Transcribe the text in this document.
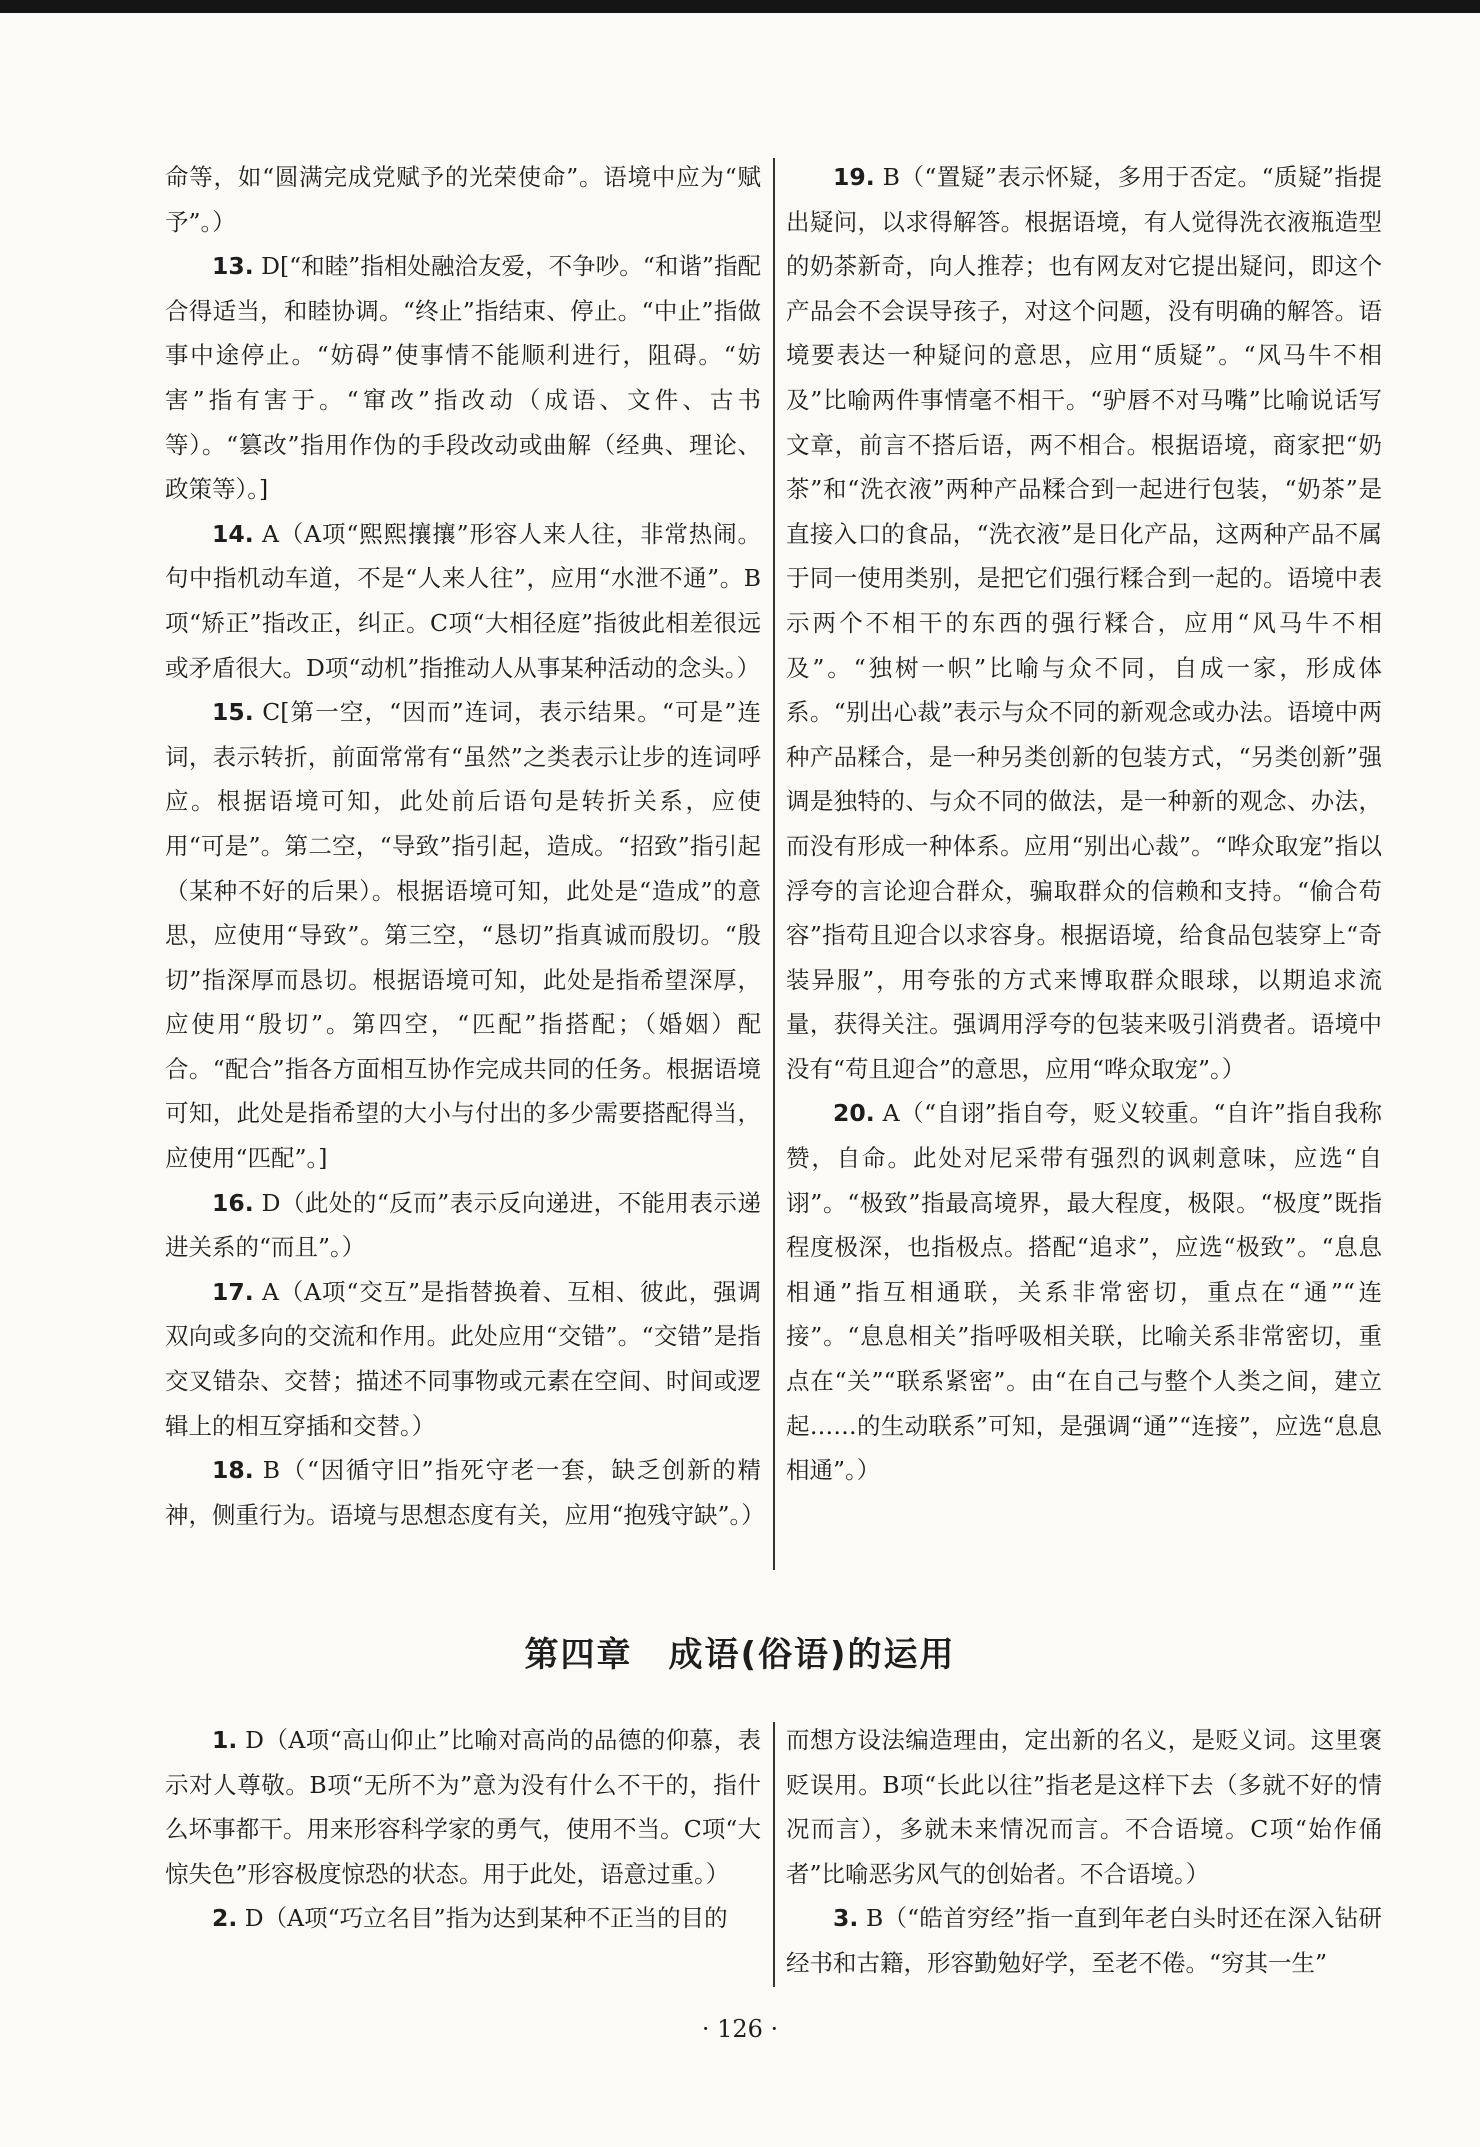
命等，如“圆满完成党赋予的光荣使命”。语境中应为“赋予”。）

13. D[“和睦”指相处融洽友爱，不争吵。“和谐”指配合得适当，和睦协调。“终止”指结束、停止。“中止”指做事中途停止。“妨碍”使事情不能顺利进行，阻碍。“妨害”指有害于。“窜改”指改动（成语、文件、古书等）。“篡改”指用作伪的手段改动或曲解（经典、理论、政策等）。]

14. A（A项“熙熙攘攘”形容人来人往，非常热闹。句中指机动车道，不是“人来人往”，应用“水泄不通”。B项“矫正”指改正，纠正。C项“大相径庭”指彼此相差很远或矛盾很大。D项“动机”指推动人从事某种活动的念头。）

15. C[第一空，“因而”连词，表示结果。“可是”连词，表示转折，前面常常有“虽然”之类表示让步的连词呼应。根据语境可知，此处前后语句是转折关系，应使用“可是”。第二空，“导致”指引起，造成。“招致”指引起（某种不好的后果）。根据语境可知，此处是“造成”的意思，应使用“导致”。第三空，“恳切”指真诚而殷切。“殷切”指深厚而恳切。根据语境可知，此处是指希望深厚，应使用“殷切”。第四空，“匹配”指搭配；（婚姻）配合。“配合”指各方面相互协作完成共同的任务。根据语境可知，此处是指希望的大小与付出的多少需要搭配得当，应使用“匹配”。]

16. D（此处的“反而”表示反向递进，不能用表示递进关系的“而且”。）

17. A（A项“交互”是指替换着、互相、彼此，强调双向或多向的交流和作用。此处应用“交错”。“交错”是指交叉错杂、交替；描述不同事物或元素在空间、时间或逻辑上的相互穿插和交替。）

18. B（“因循守旧”指死守老一套，缺乏创新的精神，侧重行为。语境与思想态度有关，应用“抱残守缺”。）

19. B（“置疑”表示怀疑，多用于否定。“质疑”指提出疑问，以求得解答。根据语境，有人觉得洗衣液瓶造型的奶茶新奇，向人推荐；也有网友对它提出疑问，即这个产品会不会误导孩子，对这个问题，没有明确的解答。语境要表达一种疑问的意思，应用“质疑”。“风马牛不相及”比喻两件事情毫不相干。“驴唇不对马嘴”比喻说话写文章，前言不搭后语，两不相合。根据语境，商家把“奶茶”和“洗衣液”两种产品糅合到一起进行包装，“奶茶”是直接入口的食品，“洗衣液”是日化产品，这两种产品不属于同一使用类别，是把它们强行糅合到一起的。语境中表示两个不相干的东西的强行糅合，应用“风马牛不相及”。“独树一帜”比喻与众不同，自成一家，形成体系。“别出心裁”表示与众不同的新观念或办法。语境中两种产品糅合，是一种另类创新的包装方式，“另类创新”强调是独特的、与众不同的做法，是一种新的观念、办法，而没有形成一种体系。应用“别出心裁”。“哗众取宠”指以浮夸的言论迎合群众，骗取群众的信赖和支持。“偷合苟容”指苟且迎合以求容身。根据语境，给食品包装穿上“奇装异服”，用夸张的方式来博取群众眼球，以期追求流量，获得关注。强调用浮夸的包装来吸引消费者。语境中没有“苟且迎合”的意思，应用“哗众取宠”。）

20. A（“自诩”指自夸，贬义较重。“自许”指自我称赞，自命。此处对尼采带有强烈的讽刺意味，应选“自诩”。“极致”指最高境界，最大程度，极限。“极度”既指程度极深，也指极点。搭配“追求”，应选“极致”。“息息相通”指互相通联，关系非常密切，重点在“通”“连接”。“息息相关”指呼吸相关联，比喻关系非常密切，重点在“关”“联系紧密”。由“在自己与整个人类之间，建立起……的生动联系”可知，是强调“通”“连接”，应选“息息相通”。）

第四章　成语(俗语)的运用

1. D（A项“高山仰止”比喻对高尚的品德的仰慕，表示对人尊敬。B项“无所不为”意为没有什么不干的，指什么坏事都干。用来形容科学家的勇气，使用不当。C项“大惊失色”形容极度惊恐的状态。用于此处，语意过重。）

2. D（A项“巧立名目”指为达到某种不正当的目的

而想方设法编造理由，定出新的名义，是贬义词。这里褒贬误用。B项“长此以往”指老是这样下去（多就不好的情况而言），多就未来情况而言。不合语境。C项“始作俑者”比喻恶劣风气的创始者。不合语境。）

3. B（“皓首穷经”指一直到年老白头时还在深入钻研经书和古籍，形容勤勉好学，至老不倦。“穷其一生”

· 126 ·
